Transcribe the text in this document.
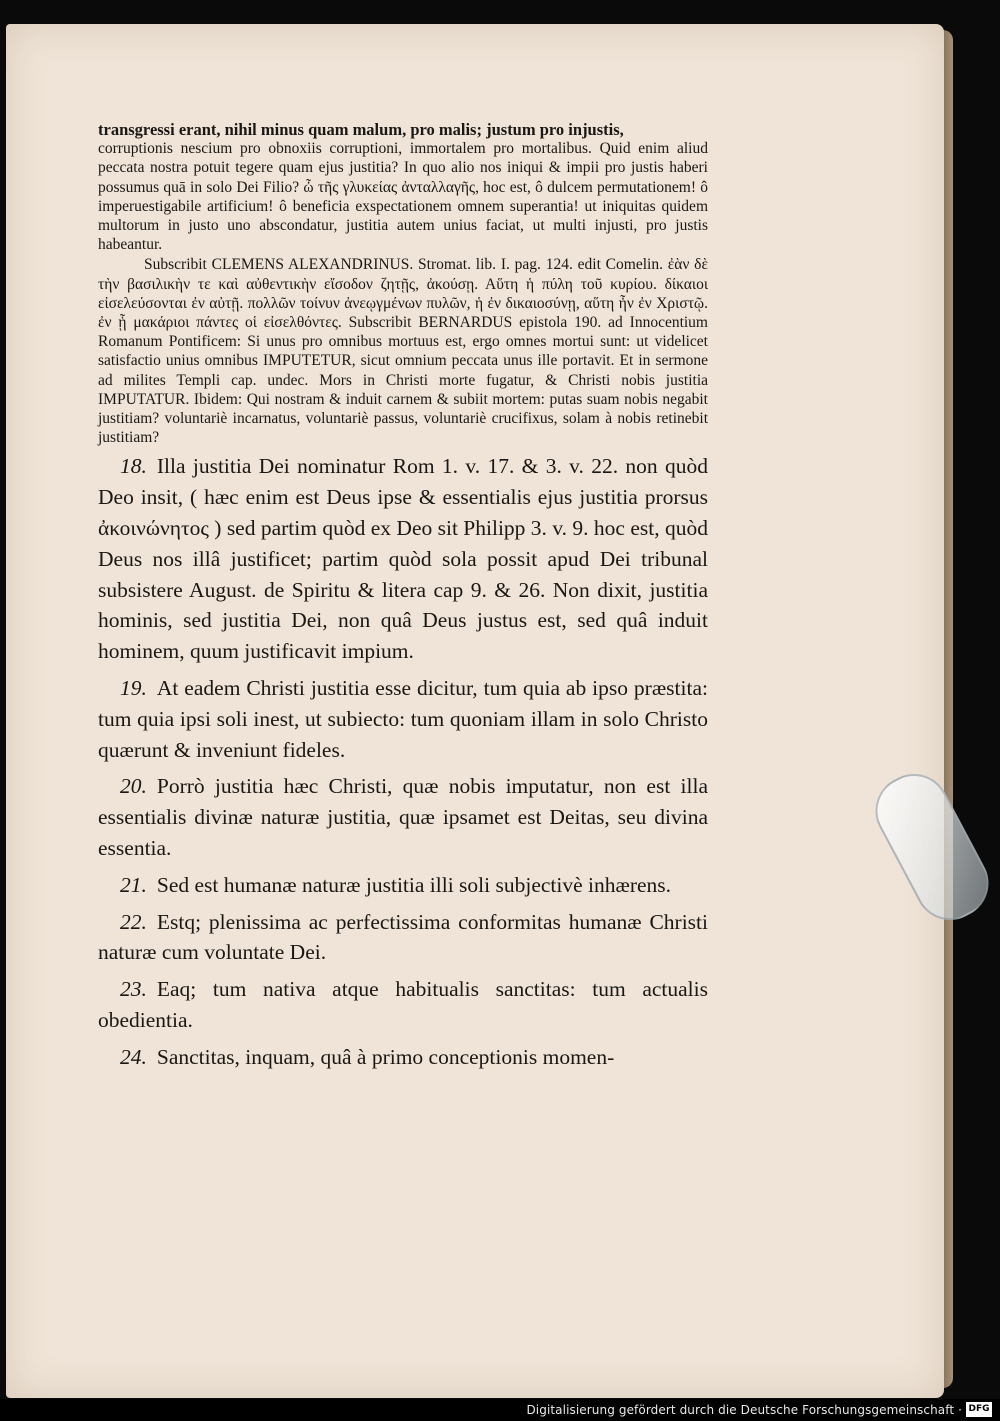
transgressi erant, nihil minus quam malum, pro malis; justum pro injustis,

corruptionis nescium pro obnoxiis corruptioni, immortalem pro mortalibus. Quid enim aliud peccata nostra potuit tegere quam ejus justitia? In quo alio nos iniqui & impii pro justis haberi possumus quā in solo Dei Filio? ὦ τῆς γλυκείας ἀνταλλαγῆς, hoc est, ô dulcem permutationem! ô imperuestigabile artificium! ô beneficia exspectationem omnem superantia! ut iniquitas quidem multorum in justo uno abscondatur, justitia autem unius faciat, ut multi injusti, pro justis habeantur.

Subscribit CLEMENS ALEXANDRINUS. Stromat. lib. I. pag. 124. edit Comelin. ἐὰν δὲ τὴν βασιλικὴν τε καὶ αὐθεντικὴν εἴσοδον ζητῇς, ἀκούσῃ. Αὕτη ἡ πύλη τοῦ κυρίου. δίκαιοι εἰσελεύσονται ἐν αὐτῇ. πολλῶν τοίνυν ἀνεῳγμένων πυλῶν, ἡ ἐν δικαιοσύνῃ, αὕτη ἦν ἐν Χριστῷ. ἐν ᾗ μακάριοι πάντες οἱ εἰσελθόντες. Subscribit BERNARDUS epistola 190. ad Innocentium Romanum Pontificem: Si unus pro omnibus mortuus est, ergo omnes mortui sunt: ut videlicet satisfactio unius omnibus IMPUTETUR, sicut omnium peccata unus ille portavit. Et in sermone ad milites Templi cap. undec. Mors in Christi morte fugatur, & Christi nobis justitia IMPUTATUR. Ibidem: Qui nostram & induit carnem & subiit mortem: putas suam nobis negabit justitiam? voluntariè incarnatus, voluntariè passus, voluntariè crucifixus, solam à nobis retinebit justitiam?

18. Illa justitia Dei nominatur Rom 1. v. 17. & 3. v. 22. non quòd Deo insit, ( hæc enim est Deus ipse & essentialis ejus justitia prorsus ἀκοινώνητος ) sed partim quòd ex Deo sit Philipp 3. v. 9. hoc est, quòd Deus nos illâ justificet; partim quòd sola possit apud Dei tribunal subsistere August. de Spiritu & litera cap 9. & 26. Non dixit, justitia hominis, sed justitia Dei, non quâ Deus justus est, sed quâ induit hominem, quum justificavit impium.

19. At eadem Christi justitia esse dicitur, tum quia ab ipso præstita: tum quia ipsi soli inest, ut subiecto: tum quoniam illam in solo Christo quærunt & inveniunt fideles.

20. Porrò justitia hæc Christi, quæ nobis imputatur, non est illa essentialis divinæ naturæ justitia, quæ ipsamet est Deitas, seu divina essentia.

21. Sed est humanæ naturæ justitia illi soli subjectivè inhærens.

22. Estq; plenissima ac perfectissima conformitas humanæ Christi naturæ cum voluntate Dei.

23. Eaq; tum nativa atque habitualis sanctitas: tum actualis obedientia.

24. Sanctitas, inquam, quâ à primo conceptionis momen-

Digitalisierung gefördert durch die Deutsche Forschungsgemeinschaft · DFG
